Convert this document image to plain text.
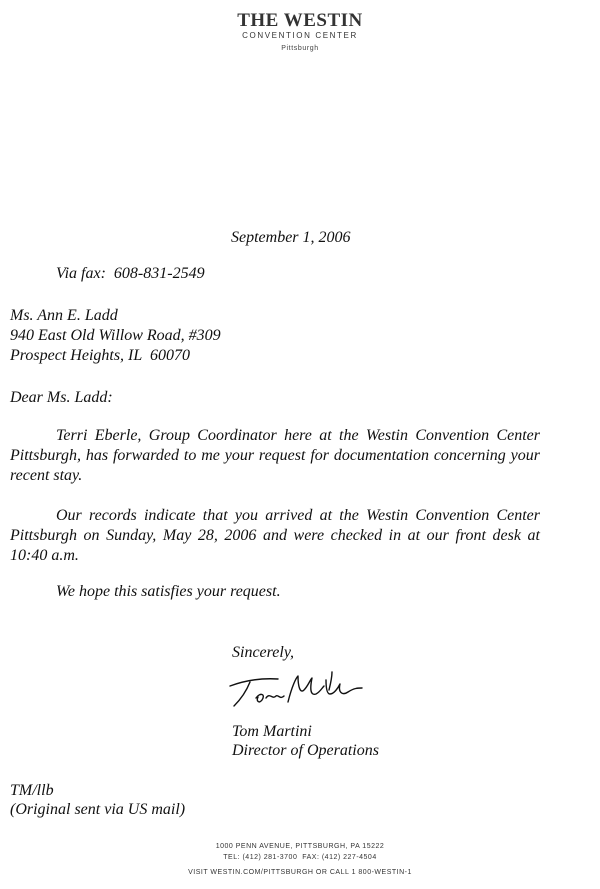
THE WESTIN
CONVENTION CENTER
Pittsburgh
September 1, 2006
Via fax:  608-831-2549
Ms. Ann E. Ladd
940 East Old Willow Road, #309
Prospect Heights, IL  60070
Dear Ms. Ladd:
Terri Eberle, Group Coordinator here at the Westin Convention Center Pittsburgh, has forwarded to me your request for documentation concerning your recent stay.
Our records indicate that you arrived at the Westin Convention Center Pittsburgh on Sunday, May 28, 2006 and were checked in at our front desk at 10:40 a.m.
We hope this satisfies your request.
Sincerely,
Tom Martini
Director of Operations
TM/llb
(Original sent via US mail)
1000 PENN AVENUE, PITTSBURGH, PA 15222
TEL: (412) 281-3700  FAX: (412) 227-4504
VISIT WESTIN.COM/PITTSBURGH OR CALL 1 800-WESTIN-1
